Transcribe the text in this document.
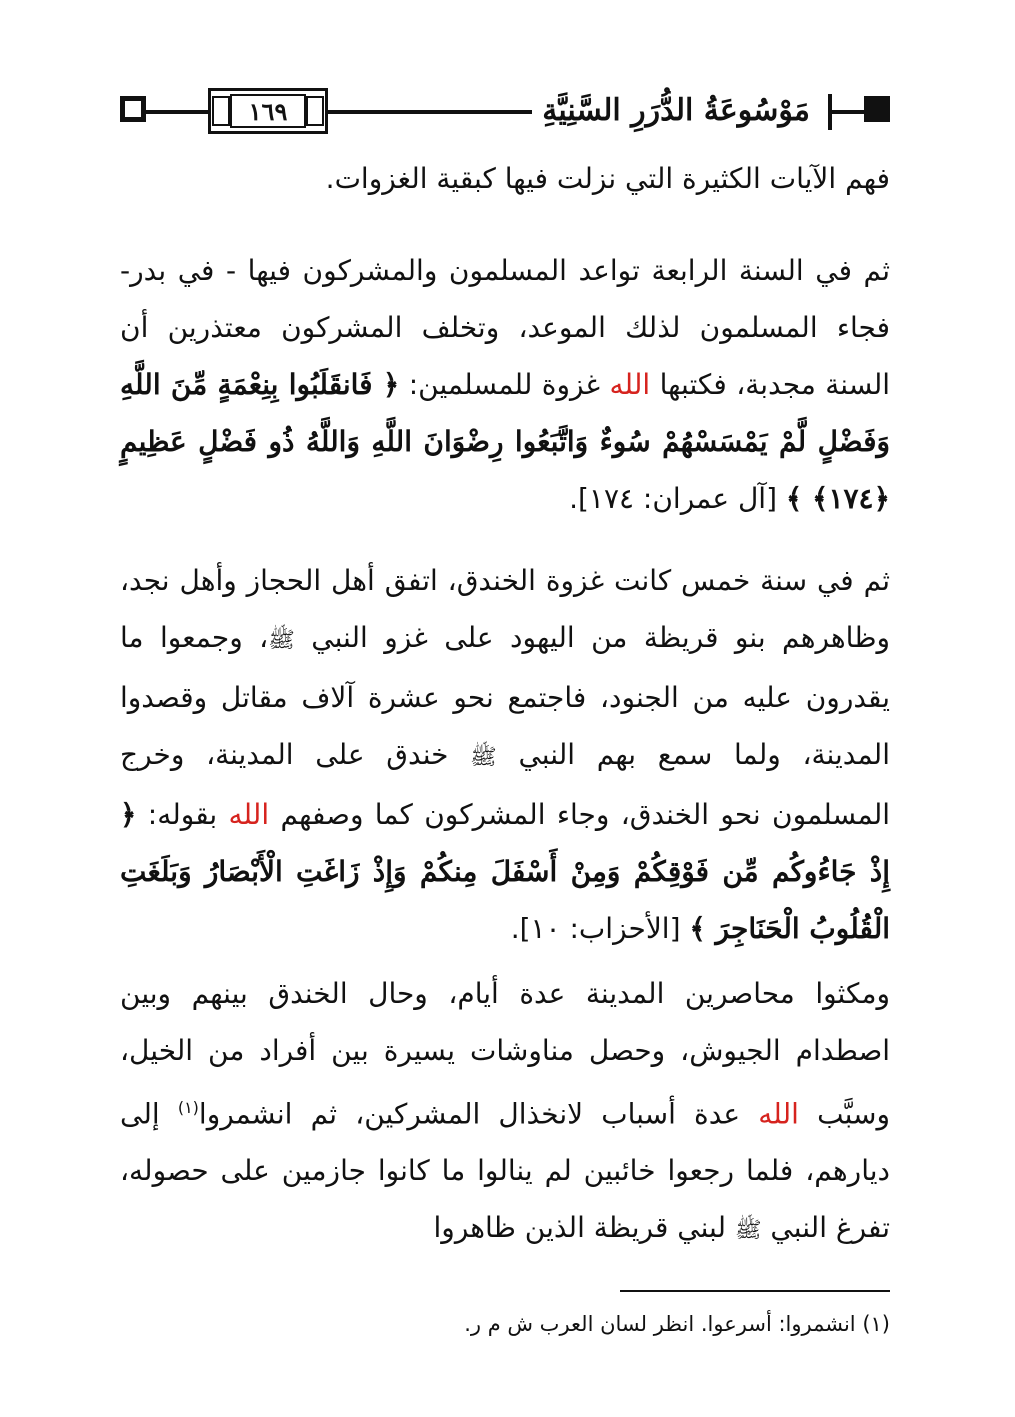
١٦٩	مَوْسُوعَةُ الدُّرَرِ السَّنِيَّةِ

فهم الآيات الكثيرة التي نزلت فيها كبقية الغزوات.

ثم في السنة الرابعة تواعد المسلمون والمشركون فيها - في بدر- فجاء المسلمون لذلك الموعد، وتخلف المشركون معتذرين أن السنة مجدبة، فكتبها الله غزوة للمسلمين: ﴿ فَانقَلَبُوا بِنِعْمَةٍ مِّنَ اللَّهِ وَفَضْلٍ لَّمْ يَمْسَسْهُمْ سُوءٌ وَاتَّبَعُوا رِضْوَانَ اللَّهِ وَاللَّهُ ذُو فَضْلٍ عَظِيمٍ ﴿١٧٤﴾ ﴾ [آل عمران: ١٧٤].

ثم في سنة خمس كانت غزوة الخندق، اتفق أهل الحجاز وأهل نجد، وظاهرهم بنو قريظة من اليهود على غزو النبي ﷺ، وجمعوا ما يقدرون عليه من الجنود، فاجتمع نحو عشرة آلاف مقاتل وقصدوا المدينة، ولما سمع بهم النبي ﷺ خندق على المدينة، وخرج المسلمون نحو الخندق، وجاء المشركون كما وصفهم الله بقوله: ﴿ إِذْ جَاءُوكُم مِّن فَوْقِكُمْ وَمِنْ أَسْفَلَ مِنكُمْ وَإِذْ زَاغَتِ الْأَبْصَارُ وَبَلَغَتِ الْقُلُوبُ الْحَنَاجِرَ ﴾ [الأحزاب: ١٠].

ومكثوا محاصرين المدينة عدة أيام، وحال الخندق بينهم وبين اصطدام الجيوش، وحصل مناوشات يسيرة بين أفراد من الخيل، وسبَّب الله عدة أسباب لانخذال المشركين، ثم انشمروا$^{(١)}$ إلى ديارهم، فلما رجعوا خائبين لم ينالوا ما كانوا جازمين على حصوله، تفرغ النبي ﷺ لبني قريظة الذين ظاهروا

(١) انشمروا: أسرعوا. انظر لسان العرب ش م ر.
